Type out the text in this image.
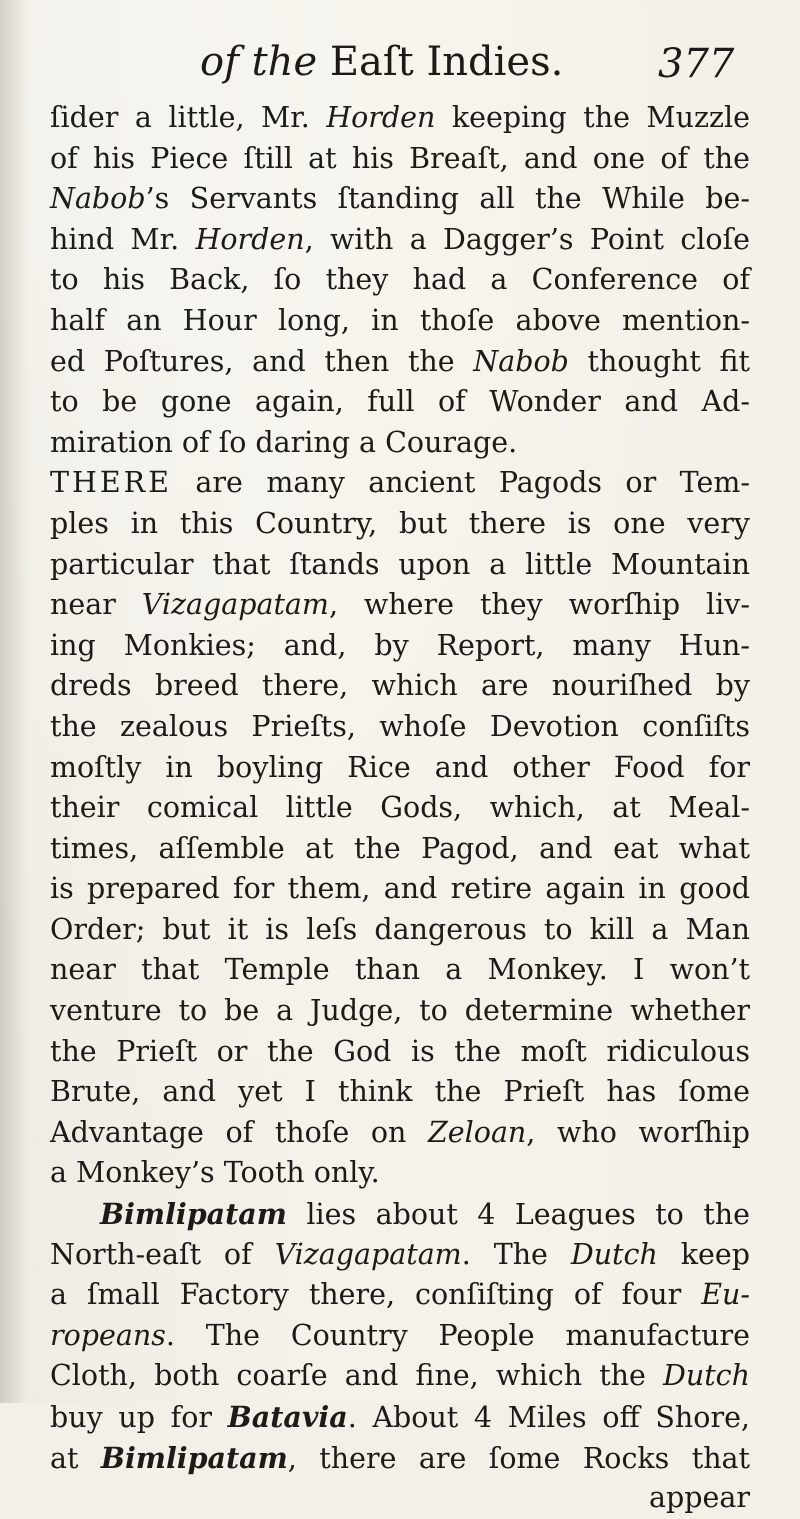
of the Eaſt Indies.	377
ſider a little, Mr. Horden keeping the Muzzle
of his Piece ſtill at his Breaſt, and one of the
Nabob’s Servants ſtanding all the While be-
hind Mr. Horden, with a Dagger’s Point cloſe
to his Back, ſo they had a Conference of
half an Hour long, in thoſe above mention-
ed Poſtures, and then the Nabob thought fit
to be gone again, full of Wonder and Ad-
miration of ſo daring a Courage.
THERE are many ancient Pagods or Tem-
ples in this Country, but there is one very
particular that ſtands upon a little Mountain
near Vizagapatam, where they worſhip liv-
ing Monkies; and, by Report, many Hun-
dreds breed there, which are nouriſhed by
the zealous Prieſts, whoſe Devotion conſiſts
moſtly in boyling Rice and other Food for
their comical little Gods, which, at Meal-
times, aſſemble at the Pagod, and eat what
is prepared for them, and retire again in good
Order; but it is leſs dangerous to kill a Man
near that Temple than a Monkey. I won’t
venture to be a Judge, to determine whether
the Prieſt or the God is the moſt ridiculous
Brute, and yet I think the Prieſt has ſome
Advantage of thoſe on Zeloan, who worſhip
a Monkey’s Tooth only.
Bimlipatam lies about 4 Leagues to the
North-eaſt of Vizagapatam. The Dutch keep
a ſmall Factory there, conſiſting of four Eu-
ropeans. The Country People manufacture
Cloth, both coarſe and fine, which the Dutch
buy up for Batavia. About 4 Miles off Shore,
at Bimlipatam, there are ſome Rocks that
appear
